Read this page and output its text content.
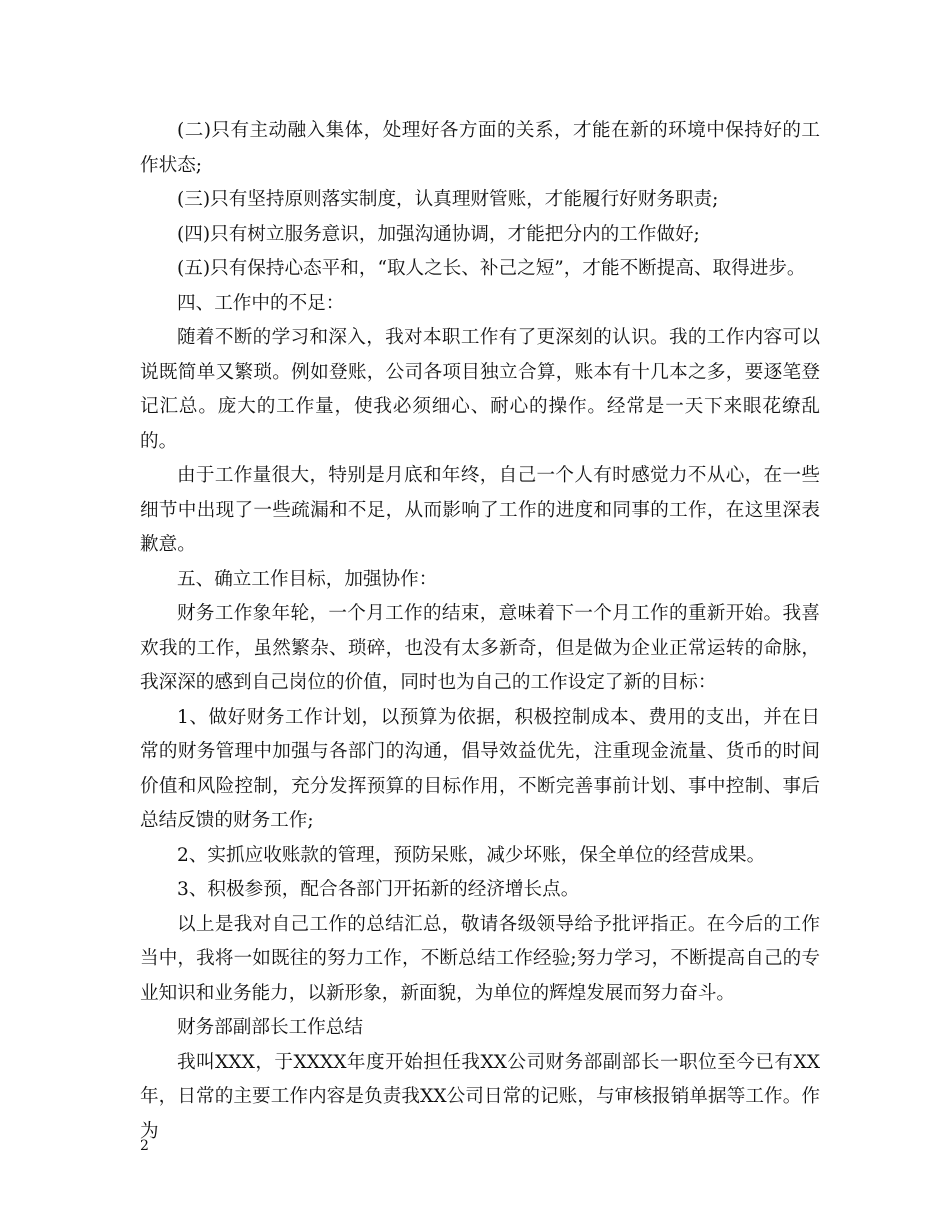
(二)只有主动融入集体，处理好各方面的关系，才能在新的环境中保持好的工作状态;

(三)只有坚持原则落实制度，认真理财管账，才能履行好财务职责;

(四)只有树立服务意识，加强沟通协调，才能把分内的工作做好;

(五)只有保持心态平和，“取人之长、补己之短”，才能不断提高、取得进步。

四、工作中的不足：

随着不断的学习和深入，我对本职工作有了更深刻的认识。我的工作内容可以说既简单又繁琐。例如登账，公司各项目独立合算，账本有十几本之多，要逐笔登记汇总。庞大的工作量，使我必须细心、耐心的操作。经常是一天下来眼花缭乱的。

由于工作量很大，特别是月底和年终，自己一个人有时感觉力不从心，在一些细节中出现了一些疏漏和不足，从而影响了工作的进度和同事的工作，在这里深表歉意。

五、确立工作目标，加强协作：

财务工作象年轮，一个月工作的结束，意味着下一个月工作的重新开始。我喜欢我的工作，虽然繁杂、琐碎，也没有太多新奇，但是做为企业正常运转的命脉，我深深的感到自己岗位的价值，同时也为自己的工作设定了新的目标：

1、做好财务工作计划，以预算为依据，积极控制成本、费用的支出，并在日常的财务管理中加强与各部门的沟通，倡导效益优先，注重现金流量、货币的时间价值和风险控制，充分发挥预算的目标作用，不断完善事前计划、事中控制、事后总结反馈的财务工作;

2、实抓应收账款的管理，预防呆账，减少坏账，保全单位的经营成果。

3、积极参预，配合各部门开拓新的经济增长点。

以上是我对自己工作的总结汇总，敬请各级领导给予批评指正。在今后的工作当中，我将一如既往的努力工作，不断总结工作经验;努力学习，不断提高自己的专业知识和业务能力，以新形象，新面貌，为单位的辉煌发展而努力奋斗。

财务部副部长工作总结

我叫XXX，于XXXX年度开始担任我XX公司财务部副部长一职位至今已有XX年，日常的主要工作内容是负责我XX公司日常的记账，与审核报销单据等工作。作为

2
